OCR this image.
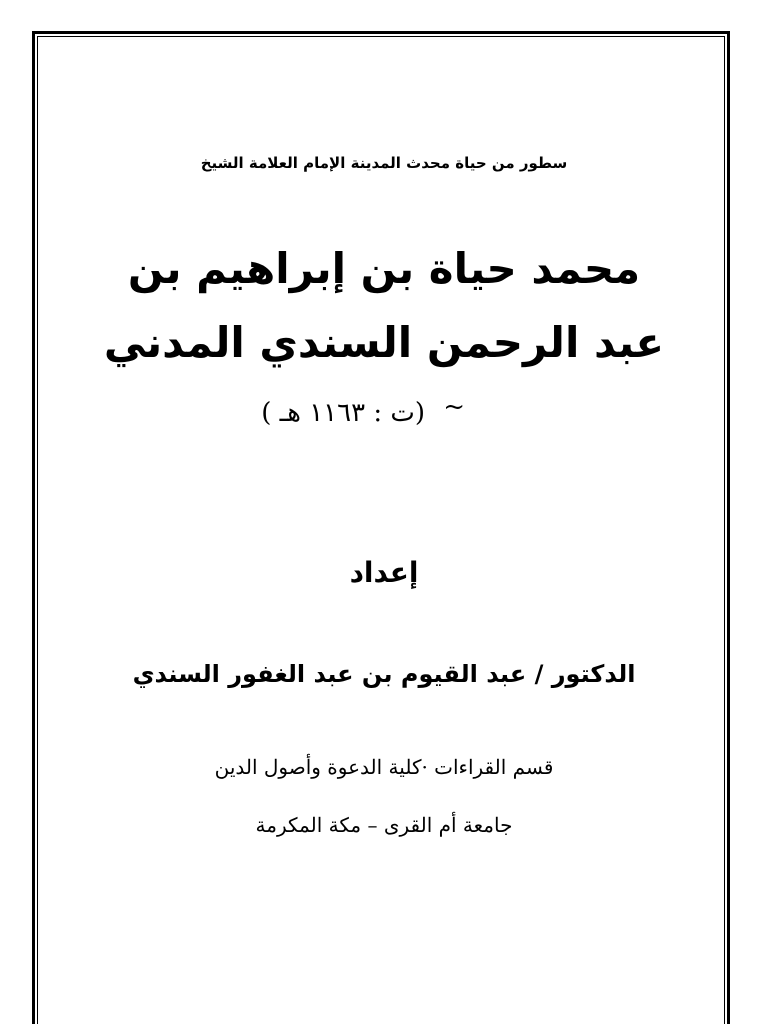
سطور من حياة محدث المدينة الإمام العلامة الشيخ
محمد حياة بن إبراهيم بن
عبد الرحمن السندي المدني
~
(ت : ١١٦٣ هـ )
إعداد
الدكتور / عبد القيوم بن عبد الغفور السندي
قسم القراءات ·كلية الدعوة وأصول الدين
جامعة أم القرى – مكة المكرمة
